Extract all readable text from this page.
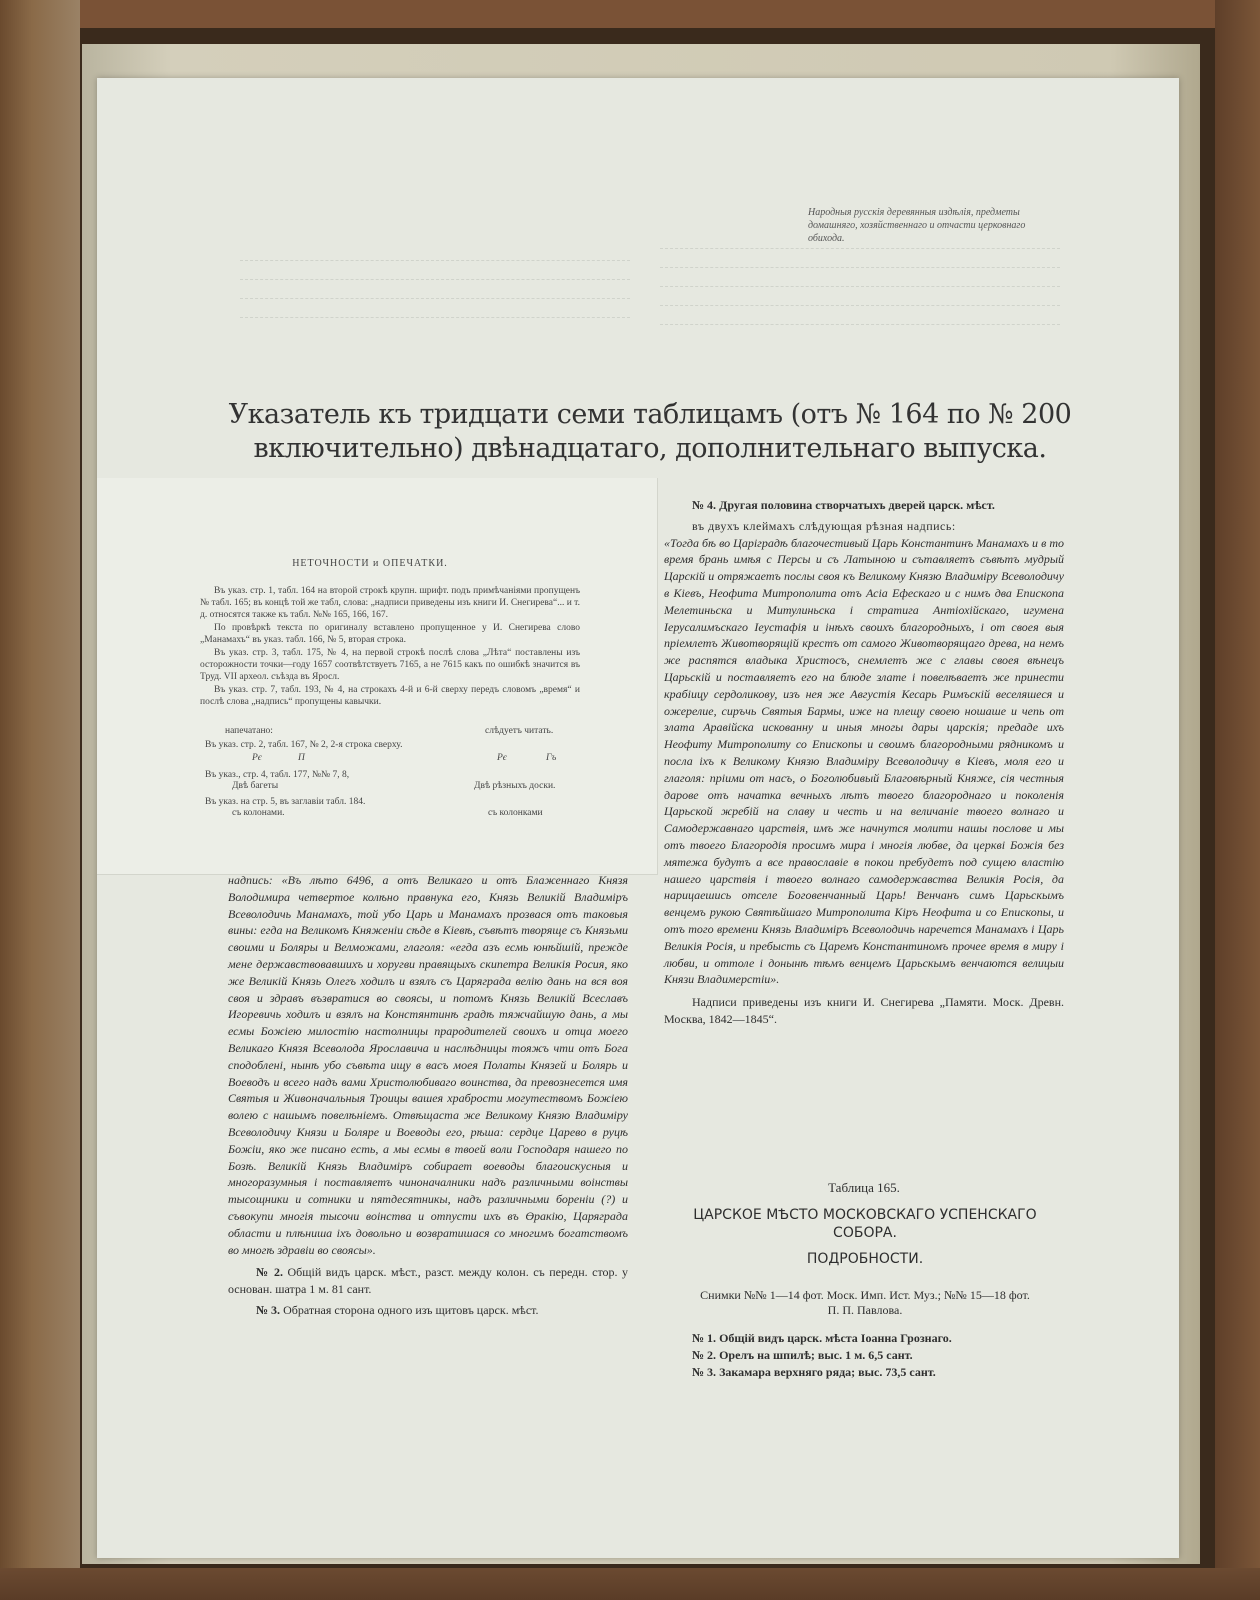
Народныя русскія деревянныя издѣлія, предметы домашняго, хозяйственнаго и отчасти церковнаго обихода.
Указатель къ тридцати семи таблицамъ (отъ № 164 по № 200
включительно) двѣнадцатаго, дополнительнаго выпуска.
НЕТОЧНОСТИ и ОПЕЧАТКИ.

Въ указ. стр. 1, табл. 164 на второй строкѣ крупн. шрифт. подъ примѣчаніями пропущенъ № табл. 165; въ концѣ той же табл, слова: „надписи приведены изъ книги И. Снегирева“... и т. д. относятся также къ табл. №№ 165, 166, 167.

По провѣркѣ текста по оригиналу вставлено пропущенное у И. Снегирева слово „Манамахъ“ въ указ. табл. 166, № 5, вторая строка.

Въ указ. стр. 3, табл. 175, № 4, на первой строкѣ послѣ слова „Лѣта“ поставлены изъ осторожности точки—году 1657 соотвѣтствуетъ 7165, а не 7615 какъ по ошибкѣ значится въ Труд. VII археол. съѣзда въ Яросл.

Въ указ. стр. 7, табл. 193, № 4, на строкахъ 4-й и 6-й сверху передъ словомъ „время“ и послѣ слова „надпись“ пропущены кавычки.

напечатано:	слѣдуетъ читать.
Въ указ. стр. 2, табл. 167, № 2, 2-я строка сверху.
Рє	П	Рє	Гъ
Въ указ., стр. 4, табл. 177, №№ 7, 8,
Двѣ багеты	Двѣ рѣзныхъ доски.
Въ указ. на стр. 5, въ заглавіи табл. 184.
съ колонами.	съ колонками

надпись: «Въ лѣто 6496, а отъ Великаго и отъ Блаженнаго Князя Володимира четвертое колѣно правнука его, Князь Великій Владиміръ Всеволодичь Манамахъ, той убо Царь и Манамахъ прозвася отъ таковыя вины: егда на Великомъ Княженіи сѣде в Кіевѣ, съвѣтъ творяще съ Князьми своими и Боляры и Велможами, глаголя: «егда азъ есмь юнѣйшій, прежде мене державствовавшихъ и хоругви правящыхъ скипетра Великія Росия, яко же Великій Князь Олегъ ходилъ и взялъ съ Царяграда велію дань на вся воя своя и здравъ възвратися во своясы, и потомъ Князь Великій Всеславъ Игоревичь ходилъ и взялъ на Констянтинѣ градѣ тяжчайшую дань, а мы есмы Божіею милостію настолницы прародителей своихъ и отца моего Великаго Князя Всеволода Ярославича и наслѣдницы тояжъ чти отъ Бога сподоблені, нынѣ убо съвѣта ищу в васъ моея Полаты Князей и Болярь и Воеводъ и всего надъ вами Христолюбиваго воинства, да превознесется имя Святыя и Живоначальныя Троицы вашея храбрости могутествомъ Божіею волею с нашымъ повелѣніемъ. Отвѣщаста же Великому Князю Владиміру Всеволодичу Князи и Боляре и Воеводы его, рѣша: сердце Царево в руцѣ Божіи, яко же писано есть, а мы есмы в твоей воли Господаря нашего по Бозѣ. Великій Князь Владиміръ собирает воеводы благоискусныя и многоразумныя і поставляетъ чиноначалники надъ различными воінствы тысощники и сотники и пятдесятникы, надъ различными бореніи (?) и съвокупи многія тысочи воінства и отпусти ихъ въ Өракію, Царяграда области и плѣниша іхъ довольно и возвратишася со многимъ богатствомъ во многѣ здравіи во своясы».

№ 2. Общій видъ царск. мѣст., разст. между колон. съ передн. стор. у основан. шатра 1 м. 81 сант.

№ 3. Обратная сторона одного изъ щитовъ царск. мѣст.

№ 4. Другая половина створчатыхъ дверей царск. мѣст.

въ двухъ клеймахъ слѣдующая рѣзная надпись:

«Тогда бѣ во Царіградѣ благочестивый Царь Константинъ Манамахъ и в то время брань имѣя с Персы и съ Латыною и сътавляетъ съвѣтъ мудрый Царскій и отряжаетъ послы своя къ Великому Князю Владиміру Всеволодичу в Кіевъ, Неофита Митрополита отъ Асіа Ефескаго и с нимъ два Епископа Мелетиньска и Митулиньска і стратига Антіохійскаго, игумена Іерусалимъскаго Іеустафія и інѣхъ своихъ благородныхъ, і от своея выя пріемлетъ Животворящій крестъ от самого Животворящаго древа, на немъ же распятся владыка Христосъ, снемлетъ же с главы своея вѣнецъ Царьскій и поставляетъ его на блюде злате і повелѣваетъ же принести крабіицу сердоликову, изъ нея же Августія Кесарь Римъскій веселяшеся и ожерелие, сиръчь Святыя Бармы, иже на плещу своею ношаше и чепь от злата Аравійска искованну и иныя многы дары царскія; предаде ихъ Неофиту Митрополиту со Епископы и своимъ благородными рядникомъ и посла іхъ к Великому Князю Владиміру Всеволодичу в Кіевъ, моля его и глаголя: пріими от насъ, о Боголюбивый Благовѣрный Княже, сія честныя дарове отъ начатка вечныхъ лѣтъ твоего благороднаго и поколенія Царьской жребій на славу и честь и на величаніе твоего волнаго и Самодержавнаго царствія, имъ же начнутся молити нашы послове и мы отъ твоего Благородія просимъ мира і многія любве, да церкві Божія без мятежа будутъ а все православіе в покои пребудетъ под сущею властію нашего царствія і твоего волнаго самодержавства Великія Росія, да нарицаешись отселе Боговенчанный Царь! Венчанъ симъ Царьскымъ венцемъ рукою Святѣйшаго Митрополита Кіръ Неофита и со Епископы, и отъ того времени Князь Владиміръ Всеволодичь наречется Манамахъ і Царь Великія Росія, и пребысть съ Царемъ Константиномъ прочее время в миру і любви, и оттоле і донынѣ тѣмъ венцемъ Царьскымъ венчаются велицыи Князи Владимерстіи».

Надписи приведены изъ книги И. Снегирева „Памяти. Моск. Древн. Москва, 1842—1845“.

Таблица 165.
ЦАРСКОЕ МѢСТО МОСКОВСКАГО УСПЕНСКАГО
СОБОРА.
ПОДРОБНОСТИ.
Снимки №№ 1—14 фот. Моск. Имп. Ист. Муз.; №№ 15—18 фот.
П. П. Павлова.
№ 1. Общій видъ царск. мѣста Іоанна Грознаго.
№ 2. Орелъ на шпилѣ; выс. 1 м. 6,5 сант.
№ 3. Закамара верхняго ряда; выс. 73,5 сант.
